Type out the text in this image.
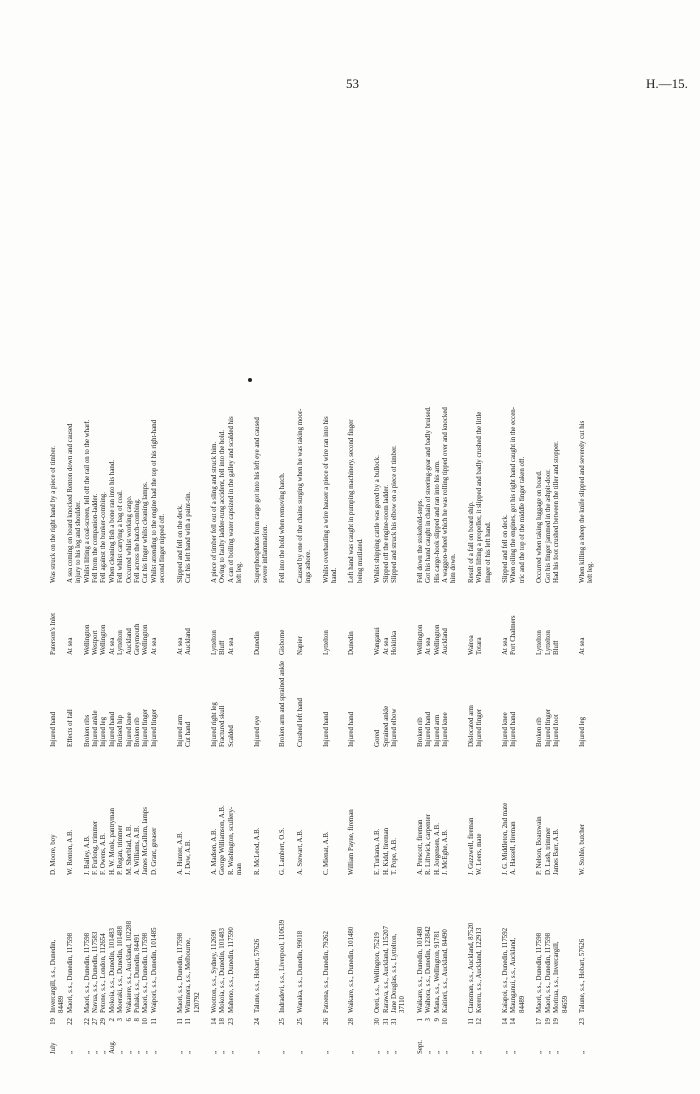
53	H.—15.
July	19	Invercargill, s.s., Dunedin,	D. Moore, boy	Injured hand	Paterson's Inlet	Was struck on the right hand by a piece of timber.
		84489				
„	22	Maori, s.s., Dunedin, 117598	W. Renton, A.B.	Effects of fall	At sea	A sea coming on board knocked Renton down and caused
						injury to his leg and shoulder.
„	22	Maori, s.s., Dunedin, 117598	J. Bailey, A.B.	Broken ribs	Wellington	Whilst lifting a coal-screen, fell off the rail on to the wharf.
„	27	Navua, s.s., Dunedin, 117583	F. Furlong, trimmer	Injured ankle	Westport	Fell from the companion-ladder.
„	29	Petone, s.s., London, 112654	F. Owens, A.B.	Injured leg	Wellington	Fell against the bunker-combing.
Aug.	2	Mokoia, s.s., Dunedin, 101483	H. W. Monk, pantryman	Injured hand	At sea	When cleaning fish a bone ran into his hand.
„	3	Moeraki, s.s., Dunedin, 101488	P. Regan, trimmer	Bruised hip	Lyttelton	Fell whilst carrying a bag of coal.
„	6	Wakatere, s.s., Auckland, 102288	M. Sherblad, A.B.	Injured knee	Auckland	Occurred whilst working cargo.
„	8	Puhaki, s.s., Dunedin, 84491	A. Williams, A.B.	Broken rib	Greymouth	Fell across the hatch-combing.
„	10	Maori, s.s., Dunedin, 117598	James McCallum, lamps	Injured finger	Wellington	Cut his finger whilst cleaning lamps.
„	11	Waipori, s.s., Dunedin, 101485	D. Grant, greaser	Injured finger	At sea	Whilst attending to the engine had the top of his right-hand
						second finger nipped off.
„	11	Maori, s.s., Dunedin, 117598	A. Hunter, A.B.	Injured arm	At sea	Slipped and fell on the deck.
„	11	Wimmera, s.s., Melbourne,	J. Dow, A.B.	Cut hand	Auckland	Cut his left hand with a paint-tin.
		120792				
„	14	Wootton, s.s., Sydney, 112690	A. Madsen, A.B.	Injured right leg	Lyttelton	A piece of timber fell out of a sling and struck him.
„	18	Mokoia, s.s., Dunedin, 101483	George Williamson, A.B.	Fractured skull	Bluff	Owing to faulty ladder-rung accident, fell into the hold.
„	23	Maheno, s.s., Dunedin, 117590	R. Washington, scullery-	Scalded	At sea	A can of boiling water capsized in the galley and scalded his
			man			left leg.
„	24	Talune, s.s., Hobart, 57626	R. McLeod, A.B.	Injured eye	Dunedin	Superphosphates from cargo got into his left eye and caused
						severe inflammation.
„	25	Indradevi, s.s., Liverpool, 110639	G. Lambert, O.S.	Broken arm and sprained ankle	Gisborne	Fell into the hold when removing hatch.
„	25	Wanaka, s.s., Dunedin, 99018	A. Stewart, A.B.	Crushed left hand	Napier	Caused by one of the chains surging when he was taking moor-
						ings ashore.
„	26	Patoena, s.s., Dunedin, 79262	C. Mienat, A.B.	Injured hand	Lyttelton	Whilst overhauling a wire hauser a piece of wire ran into his
						hand.
„	28	Waikare, s.s., Dunedin, 101480	William Payne, fireman	Injured hand	Dunedin	Left hand was caught in pumping machinery, second finger
						being mutilated.
„	30	Oreti, s.s., Wellington, 75219	E. Turkana, A.B.	Gored	Wanganui	Whilst shipping cattle was gored by a bullock.
„	31	Rarawa, s.s., Auckland, 115207	H. Kidd, fireman	Sprained ankle	At sea	Slipped off the engine-room ladder.
„	31	Jane Douglas, s.s., Lyttelton,	T. Pope, A.B.	Injured elbow	Hokitika	Slipped and struck his elbow on a piece of timber.
		37110				
Sept.	1	Waikare, s.s., Dunedin, 101480	A. Prescott, fireman	Broken rib	Wellington	Fell down the stokehold-steps.
„	3	Waihora, s.s., Dunedin, 123842	R. Liftwick, carpenter	Injured hand	At sea	Got his hand caught in chain of steering-gear and badly bruised.
„	9	Mana, s.s., Wellington, 91781	H. Jorgensen, A.B.	Injured arm	Wellington	His cargo-hook slipped and ran into his arm.
„	10	Kaitieri, s.s., Auckland, 84490	J. McEghe, A.B.	Injured knee	Auckland	A waggon-wheel which he was rolling tipped over and knocked
						him down.
„	11	Clansman, s.s., Auckland, 87520	J. Guzzwell, fireman	Dislocated arm	Wairoa	Result of a fall on board ship.
„	12	Kereru, s.s., Auckland, 122913	W. Leers, mate	Injured finger	Totara	When lifting a propeller, it slipped and badly crushed the little
						finger of his left hand.
„	14	Kaiapoi, s.s., Dunedin, 117592	J. G. Middleton, 2nd mate	Injured knee	At sea	Slipped and fell on deck.
„	14	Maunganui, s.s., Auckland,	A. Hassell, fireman	Injured hand	Port Chalmers	When oiling the engines, got his right hand caught in the eccen-
		84489				tric and the top of the middle finger taken off.
„	17	Maori, s.s., Dunedin, 117598	P. Nelson, Boatswain	Broken rib	Lyttelton	Occurred when taking luggage on board.
„	19	Maori, s.s., Dunedin, 117598	D. Lash, trimmer	Injured finger	Lyttelton	Got his finger jammed in the ashpit-door.
„	19	Moritua, s.s., Invercargill,	James Barr, A.B.	Injured foot	Bluff	Had his foot crushed between the tiller and stopper.
		84659				
„	23	Talune, s.s., Hobart, 57626	W. Stohle, butcher	Injured leg	At sea	When killing a sheep the knife slipped and severely cut his
						left leg.
